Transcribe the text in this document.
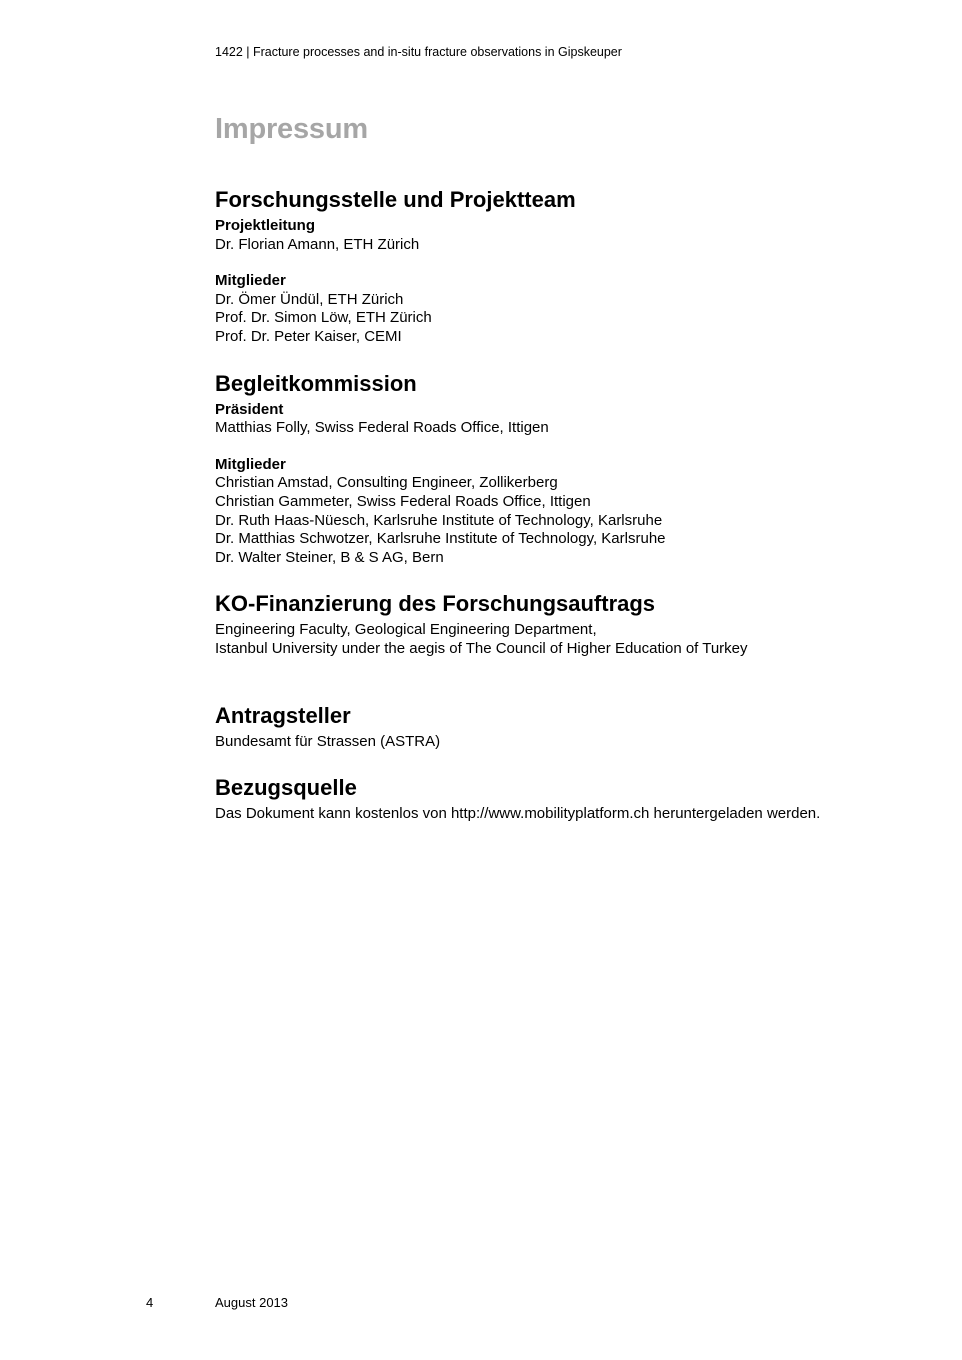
1422 | Fracture processes and in-situ fracture observations in Gipskeuper
Impressum
Forschungsstelle und Projektteam
Projektleitung
Dr. Florian Amann, ETH Zürich
Mitglieder
Dr. Ömer Ündül, ETH Zürich
Prof. Dr. Simon Löw, ETH Zürich
Prof. Dr. Peter Kaiser, CEMI
Begleitkommission
Präsident
Matthias Folly, Swiss Federal Roads Office, Ittigen
Mitglieder
Christian Amstad, Consulting Engineer, Zollikerberg
Christian Gammeter, Swiss Federal Roads Office, Ittigen
Dr. Ruth Haas-Nüesch, Karlsruhe Institute of Technology, Karlsruhe
Dr. Matthias Schwotzer, Karlsruhe Institute of Technology, Karlsruhe
Dr. Walter Steiner, B & S AG, Bern
KO-Finanzierung des Forschungsauftrags
Engineering Faculty, Geological Engineering Department,
Istanbul University under the aegis of The Council of Higher Education of Turkey
Antragsteller
Bundesamt für Strassen (ASTRA)
Bezugsquelle
Das Dokument kann kostenlos von http://www.mobilityplatform.ch heruntergeladen werden.
4	August 2013
